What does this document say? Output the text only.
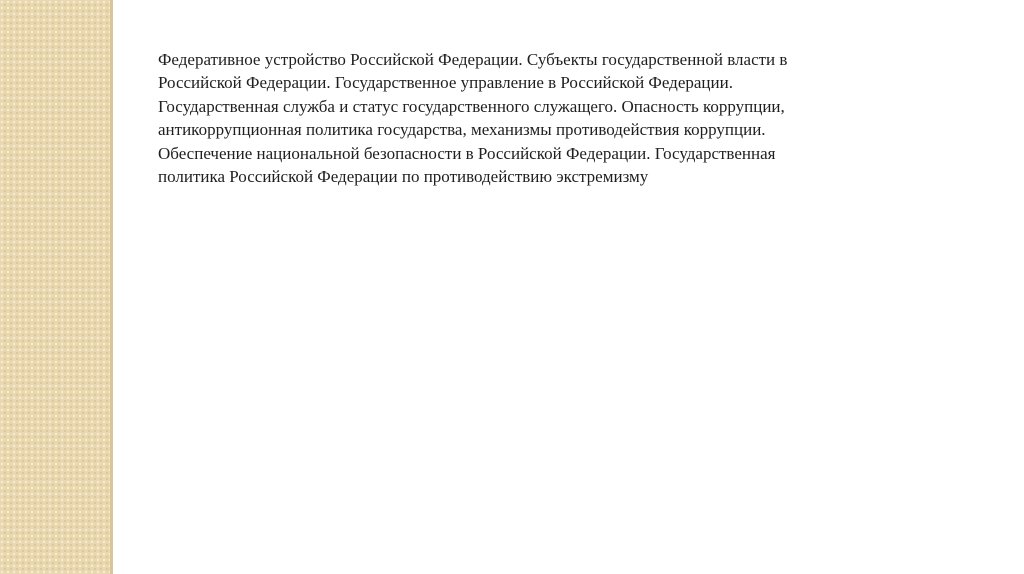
Федеративное устройство Российской Федерации. Субъекты государственной власти в
Российской Федерации. Государственное управление в Российской Федерации.
Государственная служба и статус государственного служащего. Опасность коррупции,
антикоррупционная политика государства, механизмы противодействия коррупции.
Обеспечение национальной безопасности в Российской Федерации. Государственная
политика Российской Федерации по противодействию экстремизму
